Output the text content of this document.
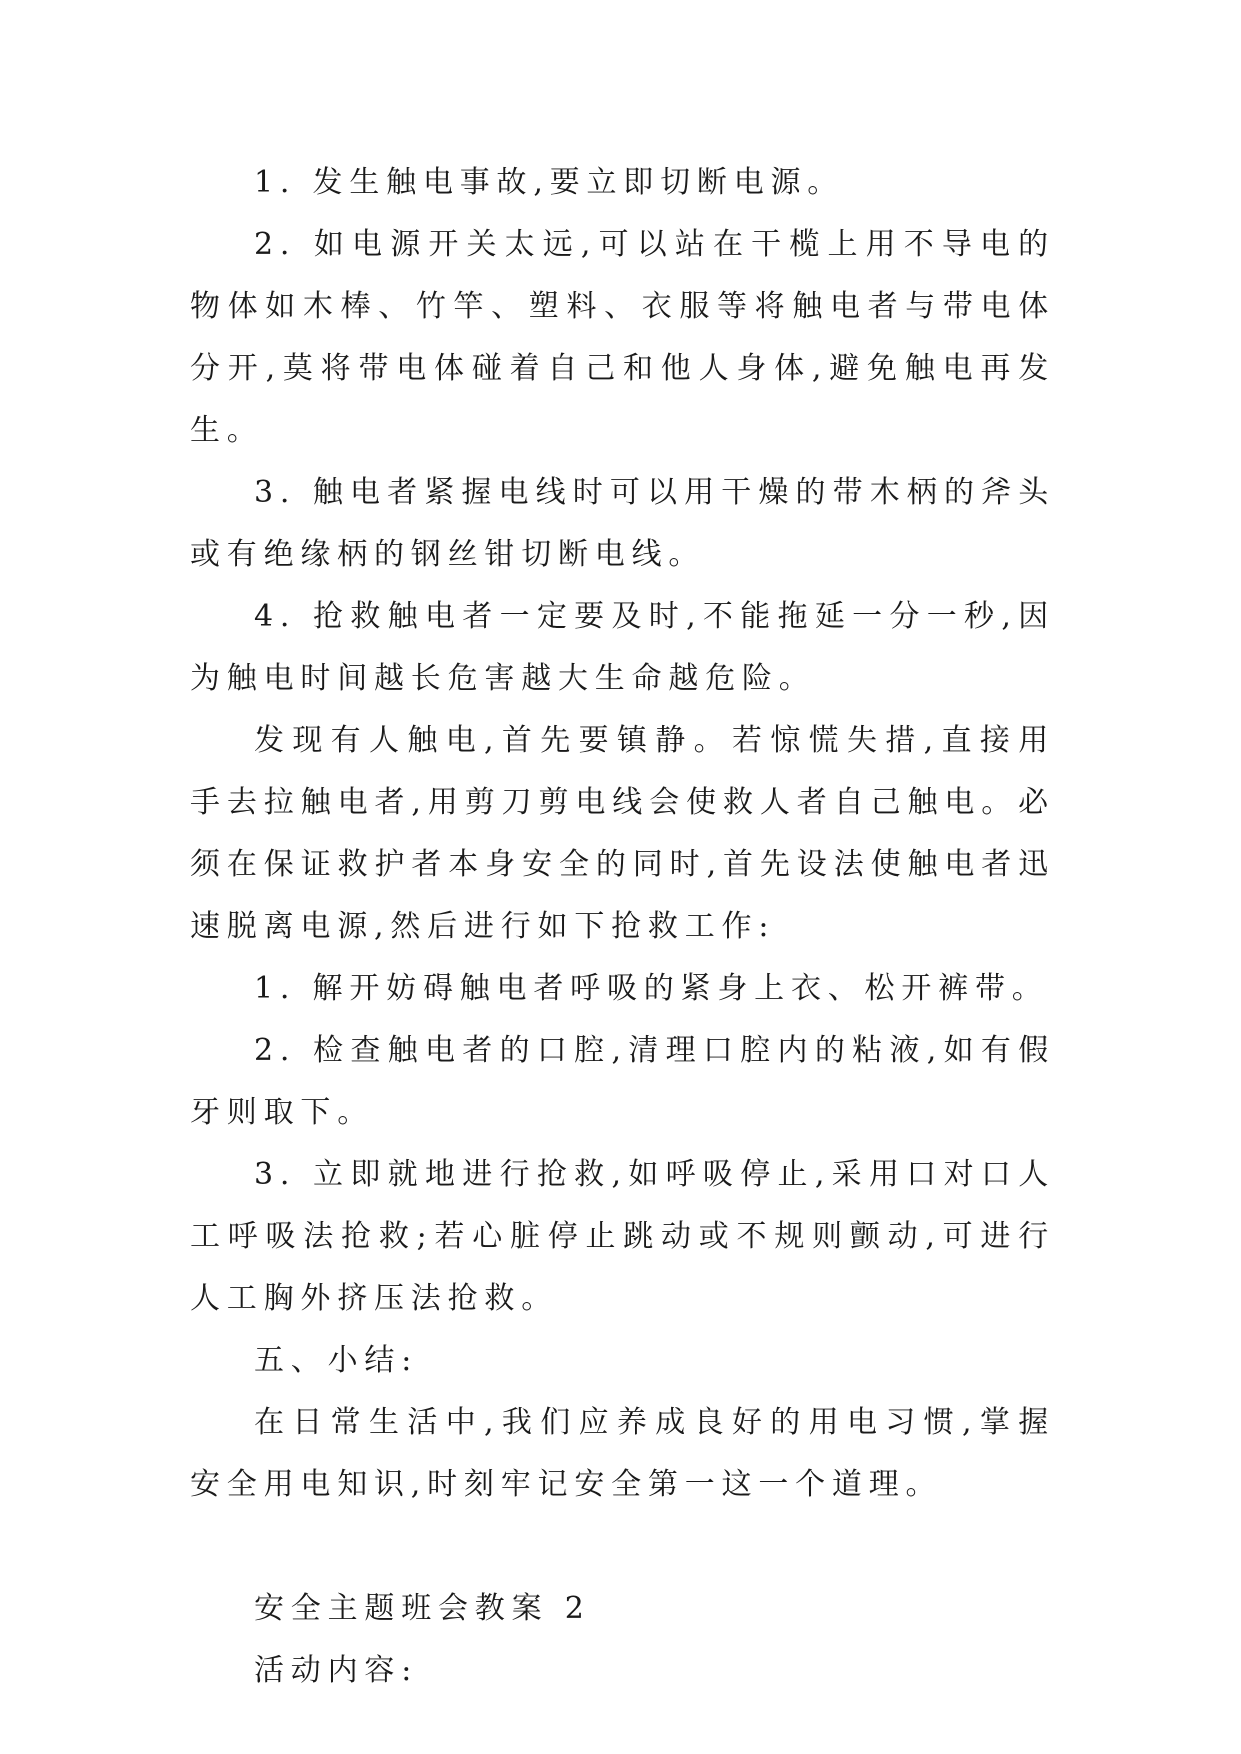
1. 发生触电事故,要立即切断电源。

2. 如电源开关太远,可以站在干榄上用不导电的物体如木棒、竹竿、塑料、衣服等将触电者与带电体分开,莫将带电体碰着自己和他人身体,避免触电再发生。

3. 触电者紧握电线时可以用干燥的带木柄的斧头或有绝缘柄的钢丝钳切断电线。

4. 抢救触电者一定要及时,不能拖延一分一秒,因为触电时间越长危害越大生命越危险。

发现有人触电,首先要镇静。若惊慌失措,直接用手去拉触电者,用剪刀剪电线会使救人者自己触电。必须在保证救护者本身安全的同时,首先设法使触电者迅速脱离电源,然后进行如下抢救工作:

1. 解开妨碍触电者呼吸的紧身上衣、松开裤带。

2. 检查触电者的口腔,清理口腔内的粘液,如有假牙则取下。

3. 立即就地进行抢救,如呼吸停止,采用口对口人工呼吸法抢救;若心脏停止跳动或不规则颤动,可进行人工胸外挤压法抢救。

五、小结:

在日常生活中,我们应养成良好的用电习惯,掌握安全用电知识,时刻牢记安全第一这一个道理。

安全主题班会教案 2

活动内容:
